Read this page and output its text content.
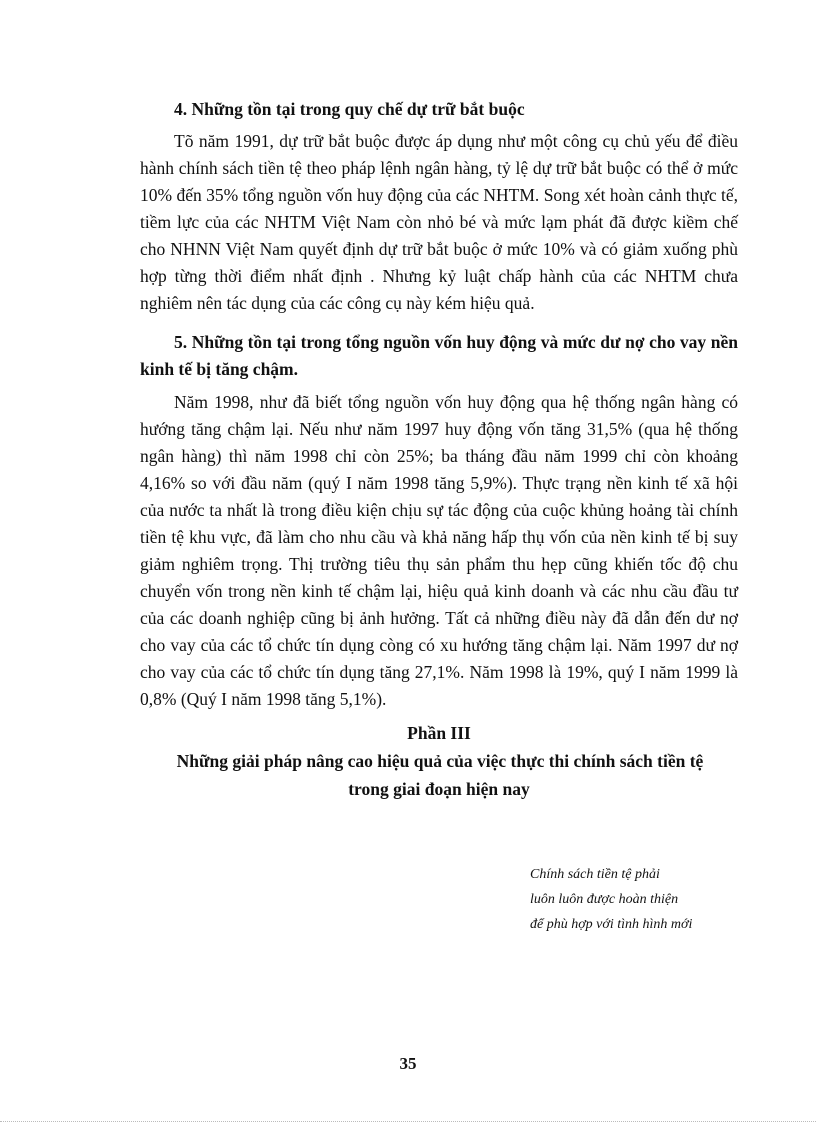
4. Những tồn tại trong quy chế dự trữ bắt buộc

Tõ năm 1991, dự trữ bắt buộc được áp dụng như một công cụ chủ yếu để điều hành chính sách tiền tệ theo pháp lệnh ngân hàng, tỷ lệ dự trữ bắt buộc có thể ở mức 10% đến 35% tổng nguồn vốn huy động của các NHTM. Song xét hoàn cảnh thực tế, tiềm lực của các NHTM Việt Nam còn nhỏ bé và mức lạm phát đã được kiềm chế cho NHNN Việt Nam quyết định dự trữ bắt buộc ở mức 10% và có giảm xuống phù hợp từng thời điểm nhất định . Nhưng kỷ luật chấp hành của các NHTM chưa nghiêm nên tác dụng của các công cụ này kém hiệu quả.

5. Những tồn tại trong tổng nguồn vốn huy động và mức dư nợ cho vay nền kinh tế bị tăng chậm.

Năm 1998, như đã biết tổng nguồn vốn huy động qua hệ thống ngân hàng có hướng tăng chậm lại. Nếu như năm 1997 huy động vốn tăng 31,5% (qua hệ thống ngân hàng) thì năm 1998 chỉ còn 25%; ba tháng đầu năm 1999 chỉ còn khoảng 4,16% so với đầu năm (quý I năm 1998 tăng 5,9%). Thực trạng nền kinh tế xã hội của nước ta nhất là trong điều kiện chịu sự tác động của cuộc khủng hoảng tài chính tiền tệ khu vực, đã làm cho nhu cầu và khả năng hấp thụ vốn của nền kinh tế bị suy giảm nghiêm trọng. Thị trường tiêu thụ sản phẩm thu hẹp cũng khiến tốc độ chu chuyển vốn trong nền kinh tế chậm lại, hiệu quả kinh doanh và các nhu cầu đầu tư của các doanh nghiệp cũng bị ảnh hưởng. Tất cả những điều này đã dẫn đến dư nợ cho vay của các tổ chức tín dụng còng có xu hướng tăng chậm lại. Năm 1997 dư nợ cho vay của các tổ chức tín dụng tăng 27,1%. Năm 1998 là 19%, quý I năm 1999 là 0,8% (Quý I năm 1998 tăng 5,1%).

Phần III

Những giải pháp nâng cao hiệu quả của việc thực thi chính sách tiền tệ

trong giai đoạn hiện nay

Chính sách tiền tệ phải
luôn luôn được hoàn thiện
để phù hợp với tình hình mới
35
